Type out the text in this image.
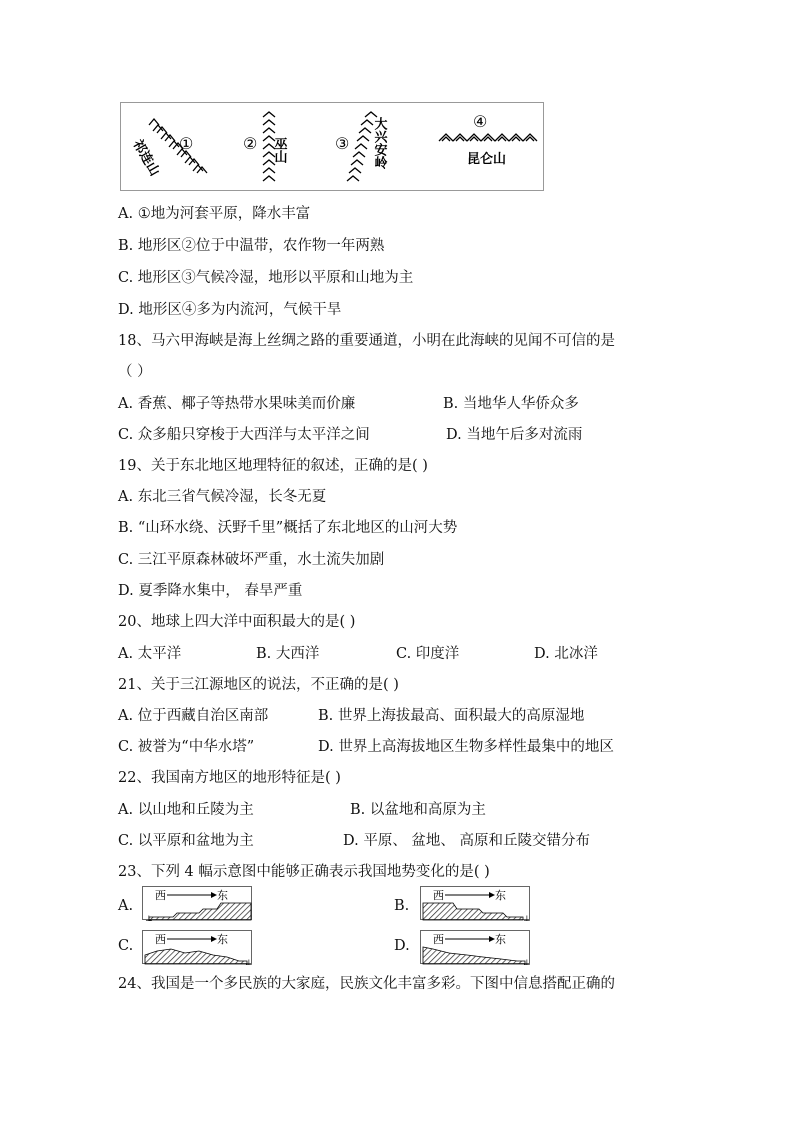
①
祁连山	② 巫山	③ 大兴安岭	④
昆仑山
A. ①地为河套平原，降水丰富
B. 地形区②位于中温带，农作物一年两熟
C. 地形区③气候冷湿，地形以平原和山地为主
D. 地形区④多为内流河，气候干旱
18、马六甲海峡是海上丝绸之路的重要通道，小明在此海峡的见闻不可信的是
（ ）
A. 香蕉、椰子等热带水果味美而价廉	B. 当地华人华侨众多
C. 众多船只穿梭于大西洋与太平洋之间	D. 当地午后多对流雨
19、关于东北地区地理特征的叙述，正确的是( )
A. 东北三省气候冷湿，长冬无夏
B. “山环水绕、沃野千里”概括了东北地区的山河大势
C. 三江平原森林破坏严重，水土流失加剧
D. 夏季降水集中， 春旱严重
20、地球上四大洋中面积最大的是( )
A. 太平洋	B. 大西洋	C. 印度洋	D. 北冰洋
21、关于三江源地区的说法，不正确的是( )
A. 位于西藏自治区南部	B. 世界上海拔最高、面积最大的高原湿地
C. 被誉为“中华水塔”	D. 世界上高海拔地区生物多样性最集中的地区
22、我国南方地区的地形特征是( )
A. 以山地和丘陵为主	B. 以盆地和高原为主
C. 以平原和盆地为主	D. 平原、 盆地、 高原和丘陵交错分布
23、下列 4 幅示意图中能够正确表示我国地势变化的是( )
A.
西	东
⊥
B.
西	东
⊥
C. 西	东
⊥
D. 西	东
⊥
24、我国是一个多民族的大家庭，民族文化丰富多彩。下图中信息搭配正确的
